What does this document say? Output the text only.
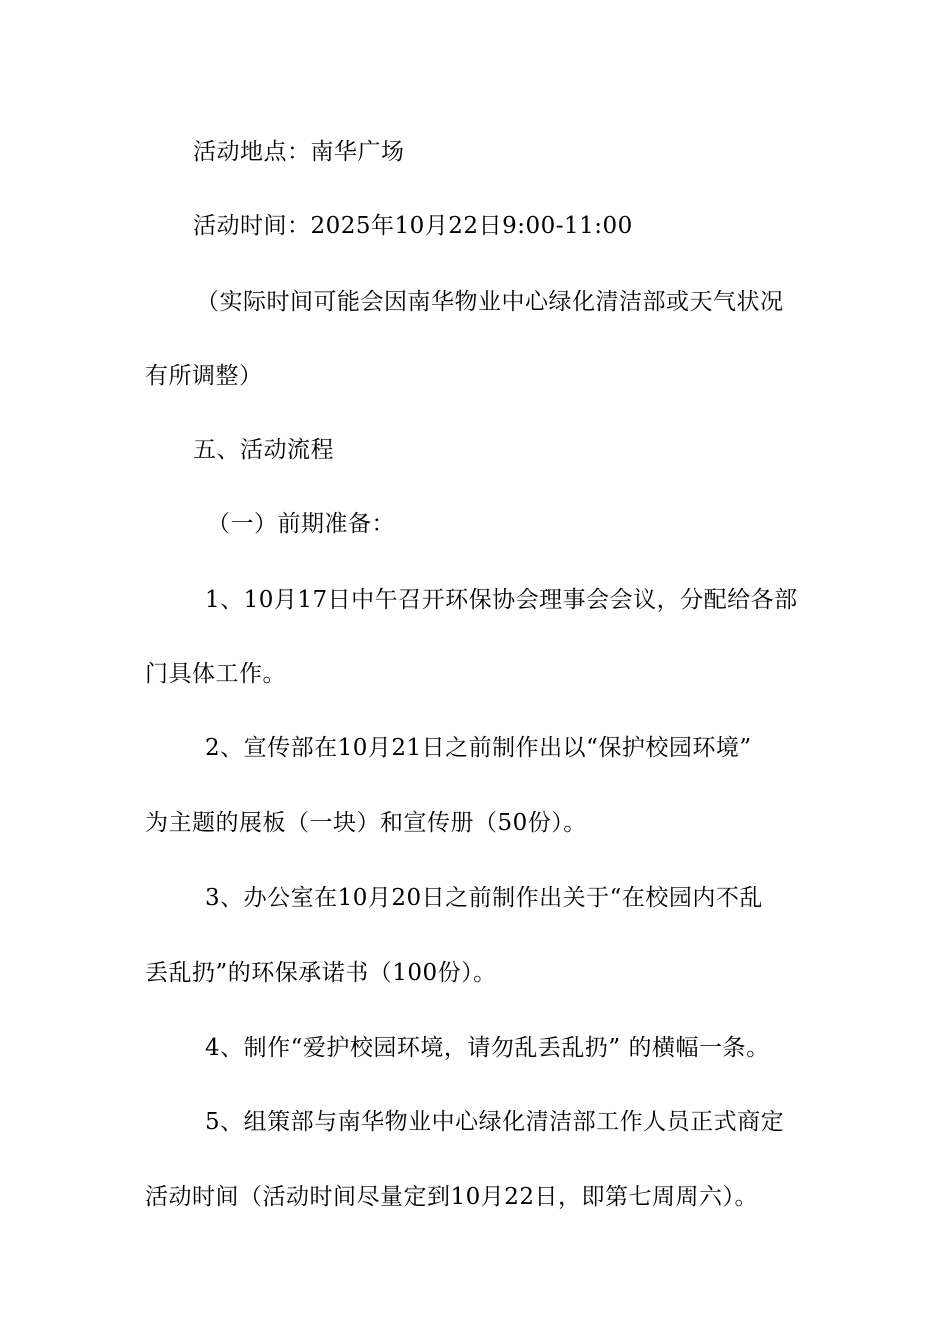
活动地点：南华广场

活动时间：2025年10月22日9:00-11:00

（实际时间可能会因南华物业中心绿化清洁部或天气状况

有所调整）

五、活动流程

（一）前期准备：

1、10月17日中午召开环保协会理事会会议，分配给各部

门具体工作。

2、宣传部在10月21日之前制作出以“保护校园环境”

为主题的展板（一块）和宣传册（50份）。

3、办公室在10月20日之前制作出关于“在校园内不乱

丢乱扔”的环保承诺书（100份）。

4、制作“爱护校园环境，请勿乱丢乱扔” 的横幅一条。

5、组策部与南华物业中心绿化清洁部工作人员正式商定

活动时间（活动时间尽量定到10月22日，即第七周周六）。
